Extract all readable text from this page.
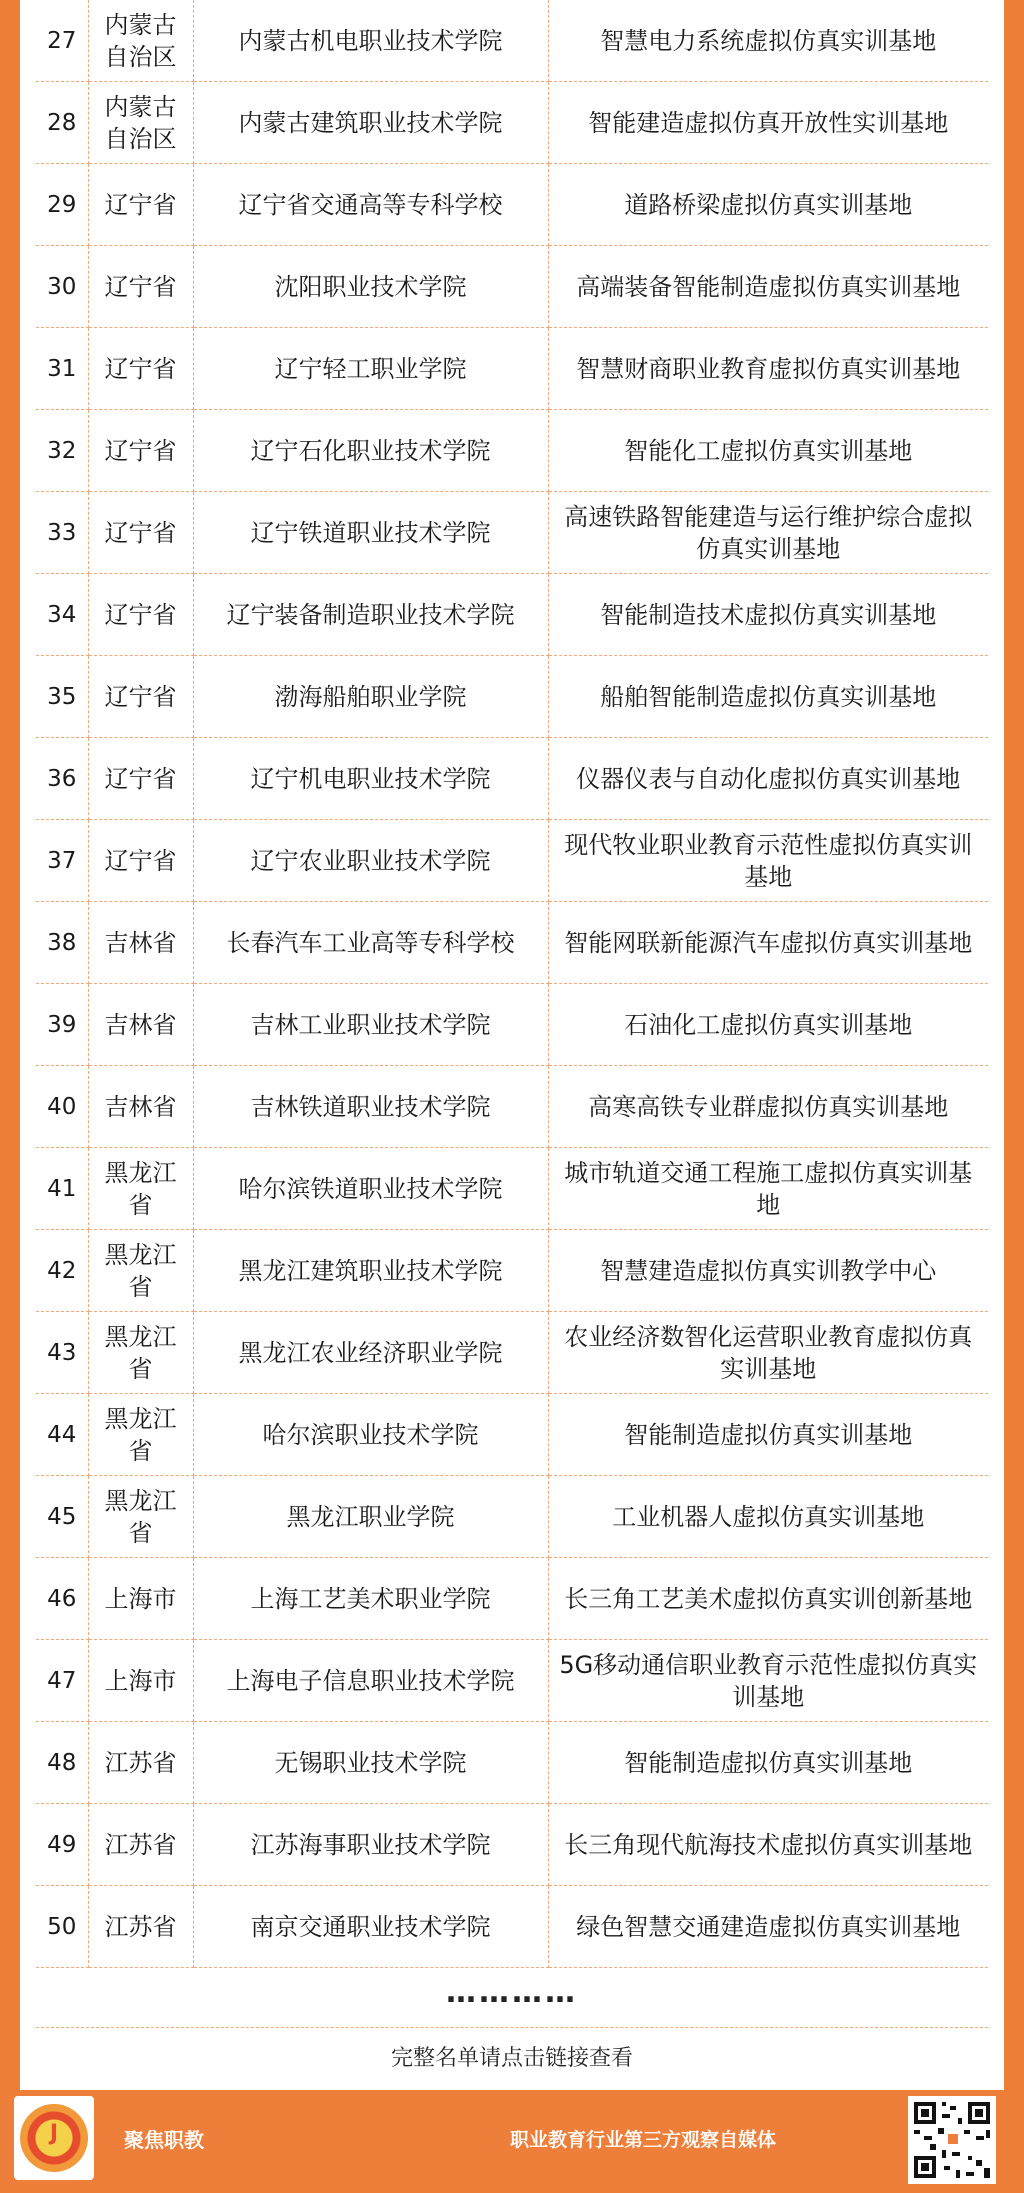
27	内蒙古自治区	内蒙古机电职业技术学院	智慧电力系统虚拟仿真实训基地
28	内蒙古自治区	内蒙古建筑职业技术学院	智能建造虚拟仿真开放性实训基地
29	辽宁省	辽宁省交通高等专科学校	道路桥梁虚拟仿真实训基地
30	辽宁省	沈阳职业技术学院	高端装备智能制造虚拟仿真实训基地
31	辽宁省	辽宁轻工职业学院	智慧财商职业教育虚拟仿真实训基地
32	辽宁省	辽宁石化职业技术学院	智能化工虚拟仿真实训基地
33	辽宁省	辽宁铁道职业技术学院	高速铁路智能建造与运行维护综合虚拟仿真实训基地
34	辽宁省	辽宁装备制造职业技术学院	智能制造技术虚拟仿真实训基地
35	辽宁省	渤海船舶职业学院	船舶智能制造虚拟仿真实训基地
36	辽宁省	辽宁机电职业技术学院	仪器仪表与自动化虚拟仿真实训基地
37	辽宁省	辽宁农业职业技术学院	现代牧业职业教育示范性虚拟仿真实训基地
38	吉林省	长春汽车工业高等专科学校	智能网联新能源汽车虚拟仿真实训基地
39	吉林省	吉林工业职业技术学院	石油化工虚拟仿真实训基地
40	吉林省	吉林铁道职业技术学院	高寒高铁专业群虚拟仿真实训基地
41	黑龙江省	哈尔滨铁道职业技术学院	城市轨道交通工程施工虚拟仿真实训基地
42	黑龙江省	黑龙江建筑职业技术学院	智慧建造虚拟仿真实训教学中心
43	黑龙江省	黑龙江农业经济职业学院	农业经济数智化运营职业教育虚拟仿真实训基地
44	黑龙江省	哈尔滨职业技术学院	智能制造虚拟仿真实训基地
45	黑龙江省	黑龙江职业学院	工业机器人虚拟仿真实训基地
46	上海市	上海工艺美术职业学院	长三角工艺美术虚拟仿真实训创新基地
47	上海市	上海电子信息职业技术学院	5G移动通信职业教育示范性虚拟仿真实训基地
48	江苏省	无锡职业技术学院	智能制造虚拟仿真实训基地
49	江苏省	江苏海事职业技术学院	长三角现代航海技术虚拟仿真实训基地
50	江苏省	南京交通职业技术学院	绿色智慧交通建造虚拟仿真实训基地
…………
完整名单请点击链接查看
J	聚焦职教	职业教育行业第三方观察自媒体
